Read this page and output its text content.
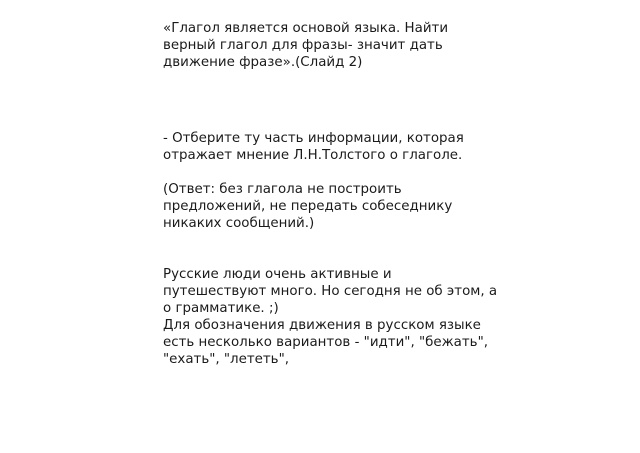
«Глагол является основой языка. Найти
верный глагол для фразы- значит дать
движение фразе».(Слайд 2)

- Отберите ту часть информации, которая
отражает мнение Л.Н.Толстого о глаголе.

(Ответ: без глагола не построить
предложений, не передать собеседнику
никаких сообщений.)

Русские люди очень активные и
путешествуют много. Но сегодня не об этом, а
о грамматике. ;)
Для обозначения движения в русском языке
есть несколько вариантов - "идти", "бежать",
"ехать", "лететь",
